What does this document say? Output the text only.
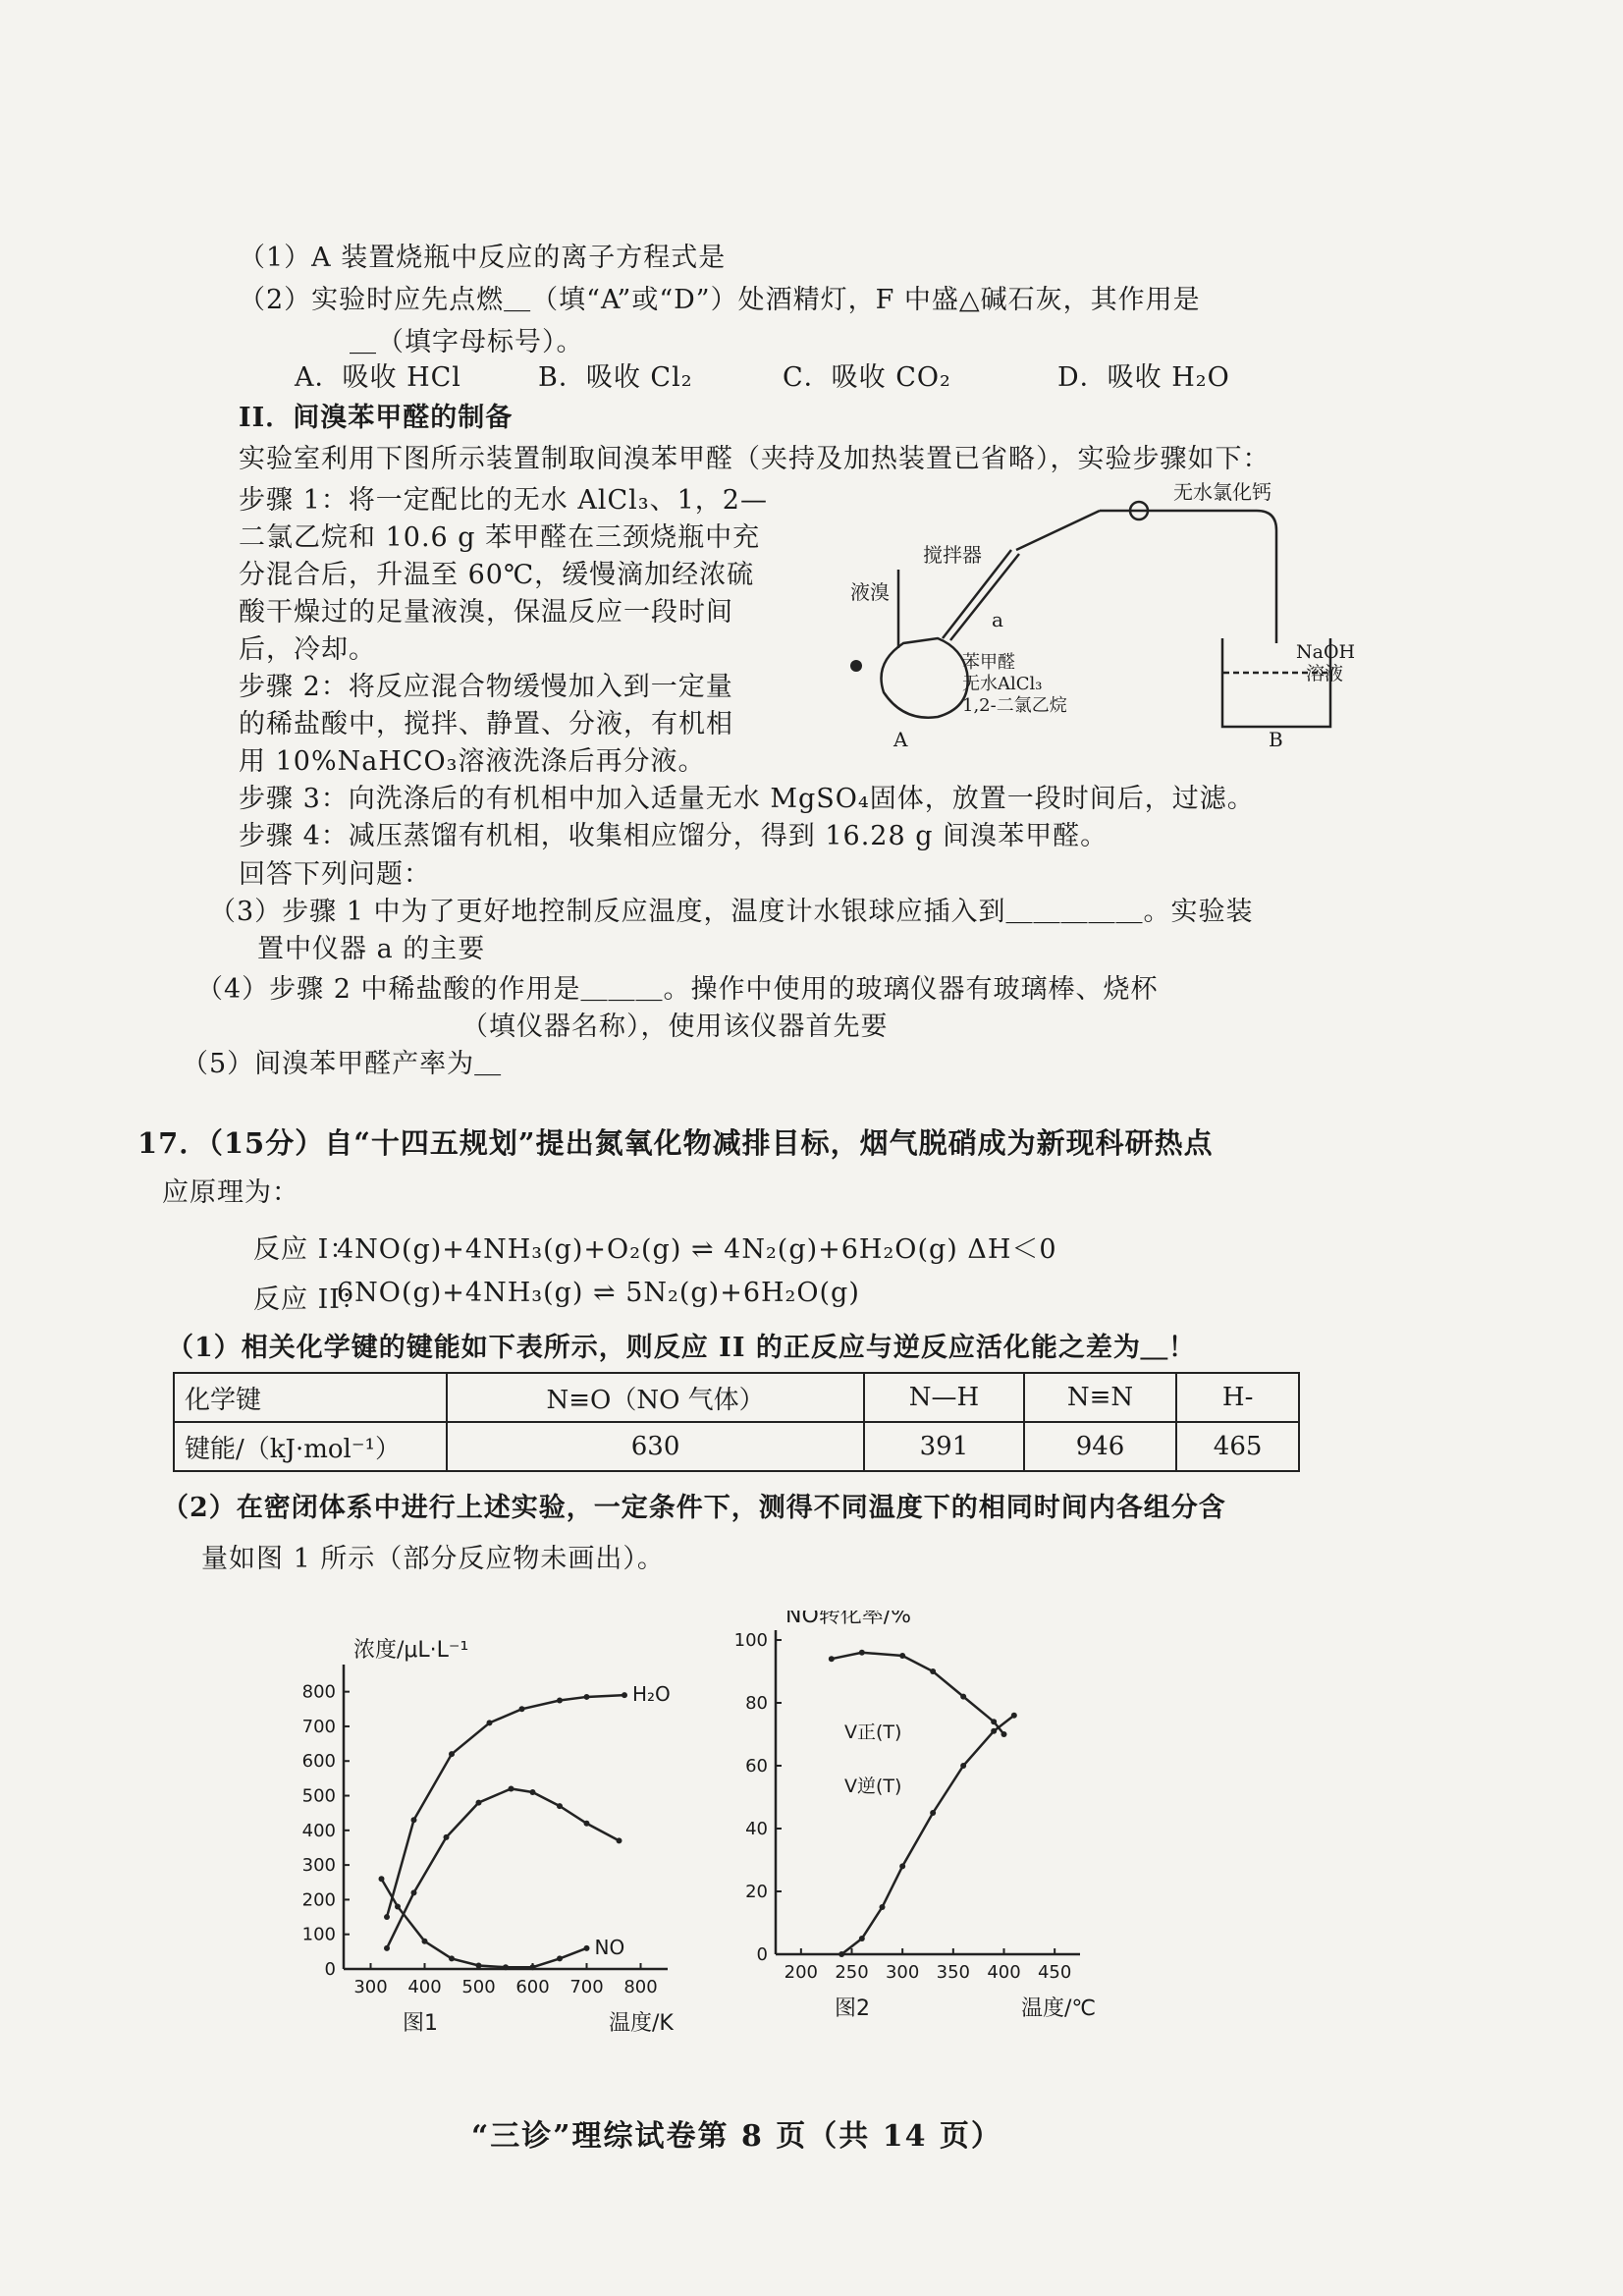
（1）A 装置烧瓶中反应的离子方程式是
（2）实验时应先点燃＿（填“A”或“D”）处酒精灯，F 中盛△碱石灰，其作用是
＿（填字母标号）。
A．吸收 HCl	B．吸收 Cl₂	C．吸收 CO₂	D．吸收 H₂O
II．间溴苯甲醛的制备
实验室利用下图所示装置制取间溴苯甲醛（夹持及加热装置已省略），实验步骤如下：
步骤 1：将一定配比的无水 AlCl₃、1，2—
二氯乙烷和 10.6 g 苯甲醛在三颈烧瓶中充
分混合后，升温至 60℃，缓慢滴加经浓硫
酸干燥过的足量液溴，保温反应一段时间
后，冷却。
步骤 2：将反应混合物缓慢加入到一定量
的稀盐酸中，搅拌、静置、分液，有机相
用 10%NaHCO₃溶液洗涤后再分液。
步骤 3：向洗涤后的有机相中加入适量无水 MgSO₄固体，放置一段时间后，过滤。
步骤 4：减压蒸馏有机相，收集相应馏分，得到 16.28 g 间溴苯甲醛。
回答下列问题：
（3）步骤 1 中为了更好地控制反应温度，温度计水银球应插入到＿＿＿＿＿。实验装
置中仪器 a 的主要
（4）步骤 2 中稀盐酸的作用是＿＿＿。操作中使用的玻璃仪器有玻璃棒、烧杯
（填仪器名称），使用该仪器首先要
（5）间溴苯甲醛产率为＿
无水氯化钙
搅拌器
液溴
a
苯甲醛
无水AlCl₃
1,2-二氯乙烷
A	B
NaOH
溶液
17．（15分）自“十四五规划”提出氮氧化物减排目标，烟气脱硝成为新现科研热点
应原理为：
反应 I：
4NO(g)+4NH₃(g)+O₂(g) ⇌ 4N₂(g)+6H₂O(g) ΔH＜0
反应 II：
6NO(g)+4NH₃(g) ⇌ 5N₂(g)+6H₂O(g)
（1）相关化学键的键能如下表所示，则反应 II 的正反应与逆反应活化能之差为＿！
化学键	N≡O（NO 气体）	N—H	N≡N	H-
键能/（kJ·mol⁻¹）	630	391	946	465
（2）在密闭体系中进行上述实验，一定条件下，测得不同温度下的相同时间内各组分含
量如图 1 所示（部分反应物未画出）。
300 400 500 600 700 800
0
100
200
300
400
500
600
700
800	H₂O
NO
浓度/μL·L⁻¹
温度/K
图1
200 250 300 350 400 450
0
20
40
60
80
100
NO转化率/%
温度/℃
图2
V正(T)
V逆(T)
“三诊”理综试卷第 8 页（共 14 页）
